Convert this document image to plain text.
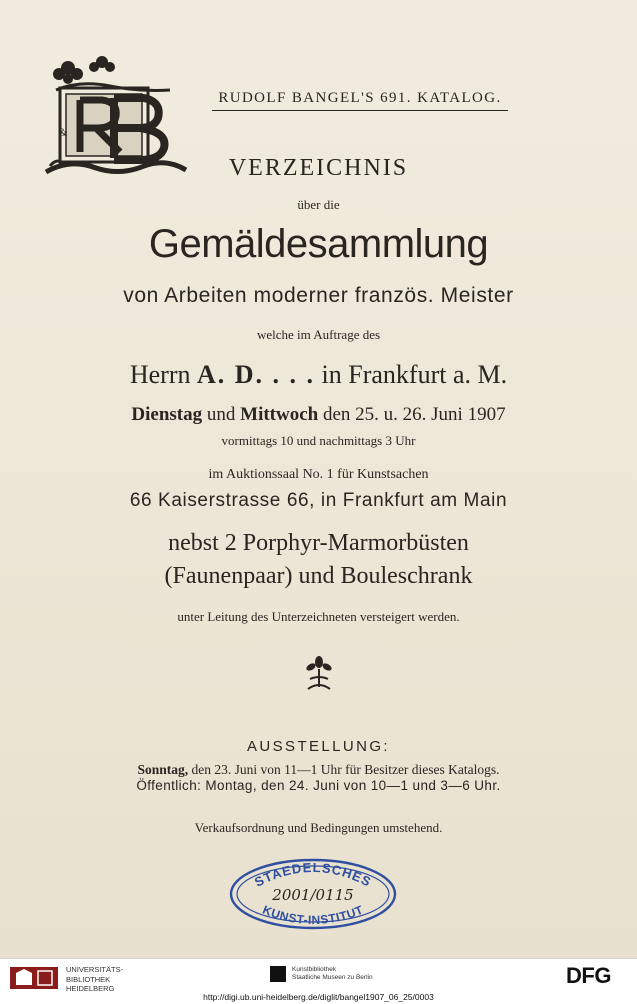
&
RUDOLF BANGEL'S 691. KATALOG.
VERZEICHNIS
über die
Gemäldesammlung
von Arbeiten moderner französ. Meister
welche im Auftrage des
Herrn A. D. . . . in Frankfurt a. M.
Dienstag und Mittwoch den 25. u. 26. Juni 1907
vormittags 10 und nachmittags 3 Uhr
im Auktionssaal No. 1 für Kunstsachen
66 Kaiserstrasse 66, in Frankfurt am Main
nebst 2 Porphyr-Marmorbüsten
(Faunenpaar) und Bouleschrank
unter Leitung des Unterzeichneten versteigert werden.
AUSSTELLUNG:
Sonntag, den 23. Juni von 11—1 Uhr für Besitzer dieses Katalogs.
Öffentlich: Montag, den 24. Juni von 10—1 und 3—6 Uhr.
Verkaufsordnung und Bedingungen umstehend.
STAEDELSCHES
2001/0115
KUNST-INSTITUT
UNIVERSITÄTS-
BIBLIOTHEK
HEIDELBERG
Kunstbibliothek
Staatliche Museen zu Berlin	DFG
http://digi.ub.uni-heidelberg.de/diglit/bangel1907_06_25/0003
